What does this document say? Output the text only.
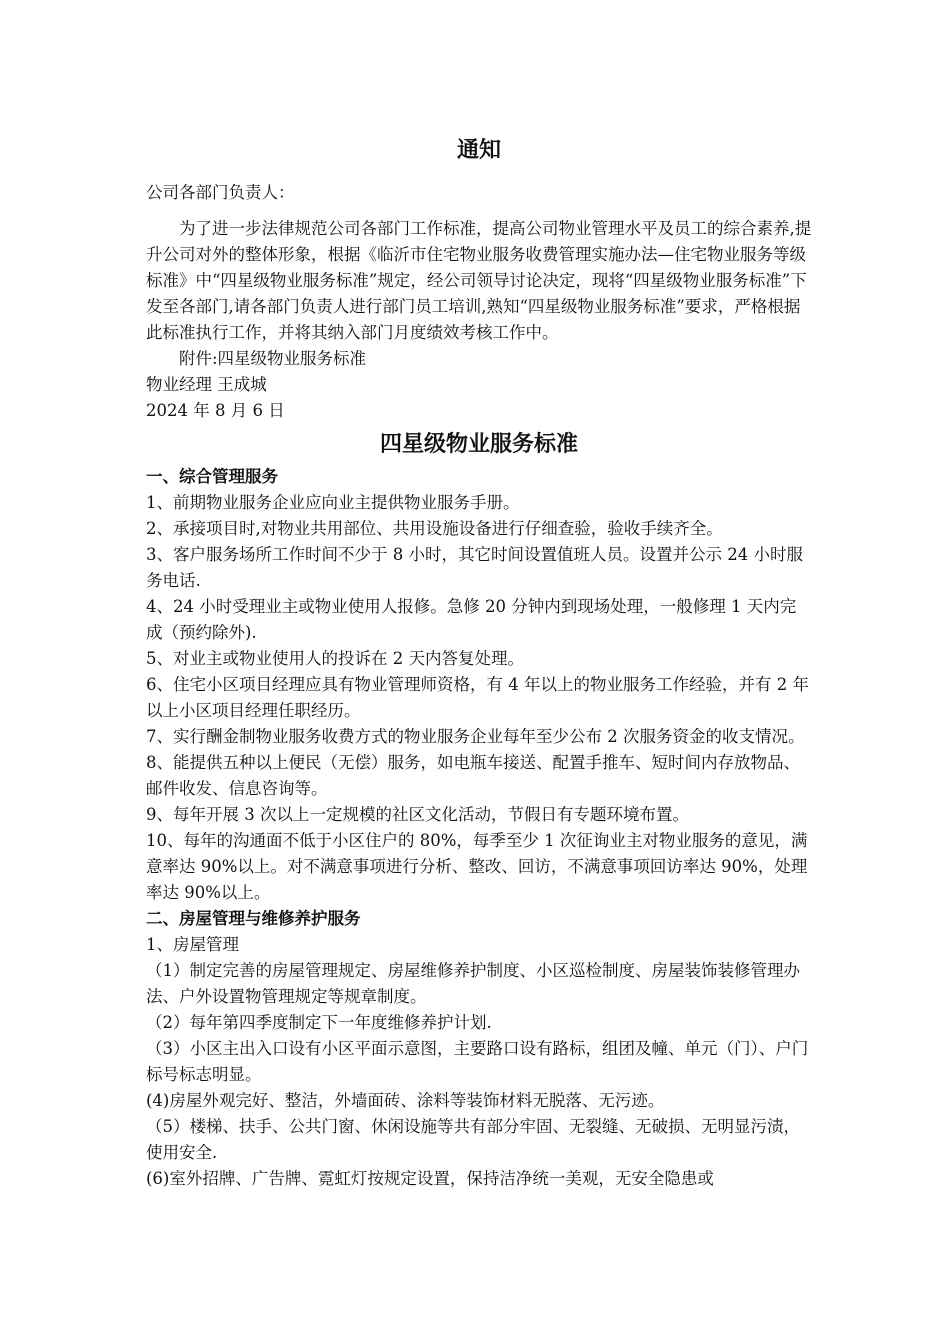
通知

公司各部门负责人：

为了进一步法律规范公司各部门工作标准，提高公司物业管理水平及员工的综合素养,提升公司对外的整体形象，根据《临沂市住宅物业服务收费管理实施办法—住宅物业服务等级标准》中“四星级物业服务标准”规定，经公司领导讨论决定，现将“四星级物业服务标准”下发至各部门,请各部门负责人进行部门员工培训,熟知“四星级物业服务标准”要求，严格根据此标准执行工作，并将其纳入部门月度绩效考核工作中。

附件:四星级物业服务标准

物业经理 王成城

2024 年 8 月 6 日

四星级物业服务标准

一、综合管理服务

1、前期物业服务企业应向业主提供物业服务手册。

2、承接项目时,对物业共用部位、共用设施设备进行仔细查验，验收手续齐全。

3、客户服务场所工作时间不少于 8 小时，其它时间设置值班人员。设置并公示 24 小时服务电话.

4、24 小时受理业主或物业使用人报修。急修 20 分钟内到现场处理，一般修理 1 天内完成（预约除外).

5、对业主或物业使用人的投诉在 2 天内答复处理。

6、住宅小区项目经理应具有物业管理师资格，有 4 年以上的物业服务工作经验，并有 2 年以上小区项目经理任职经历。

7、实行酬金制物业服务收费方式的物业服务企业每年至少公布 2 次服务资金的收支情况。

8、能提供五种以上便民（无偿）服务，如电瓶车接送、配置手推车、短时间内存放物品、邮件收发、信息咨询等。

9、每年开展 3 次以上一定规模的社区文化活动，节假日有专题环境布置。

10、每年的沟通面不低于小区住户的 80%，每季至少 1 次征询业主对物业服务的意见，满意率达 90%以上。对不满意事项进行分析、整改、回访，不满意事项回访率达 90%，处理率达 90%以上。

二、房屋管理与维修养护服务

1、房屋管理

（1）制定完善的房屋管理规定、房屋维修养护制度、小区巡检制度、房屋装饰装修管理办法、户外设置物管理规定等规章制度。

（2）每年第四季度制定下一年度维修养护计划.

（3）小区主出入口设有小区平面示意图，主要路口设有路标，组团及幢、单元（门）、户门标号标志明显。

(4)房屋外观完好、整洁，外墙面砖、涂料等装饰材料无脱落、无污迹。

（5）楼梯、扶手、公共门窗、休闲设施等共有部分牢固、无裂缝、无破损、无明显污渍，使用安全.

(6)室外招牌、广告牌、霓虹灯按规定设置，保持洁净统一美观，无安全隐患或
